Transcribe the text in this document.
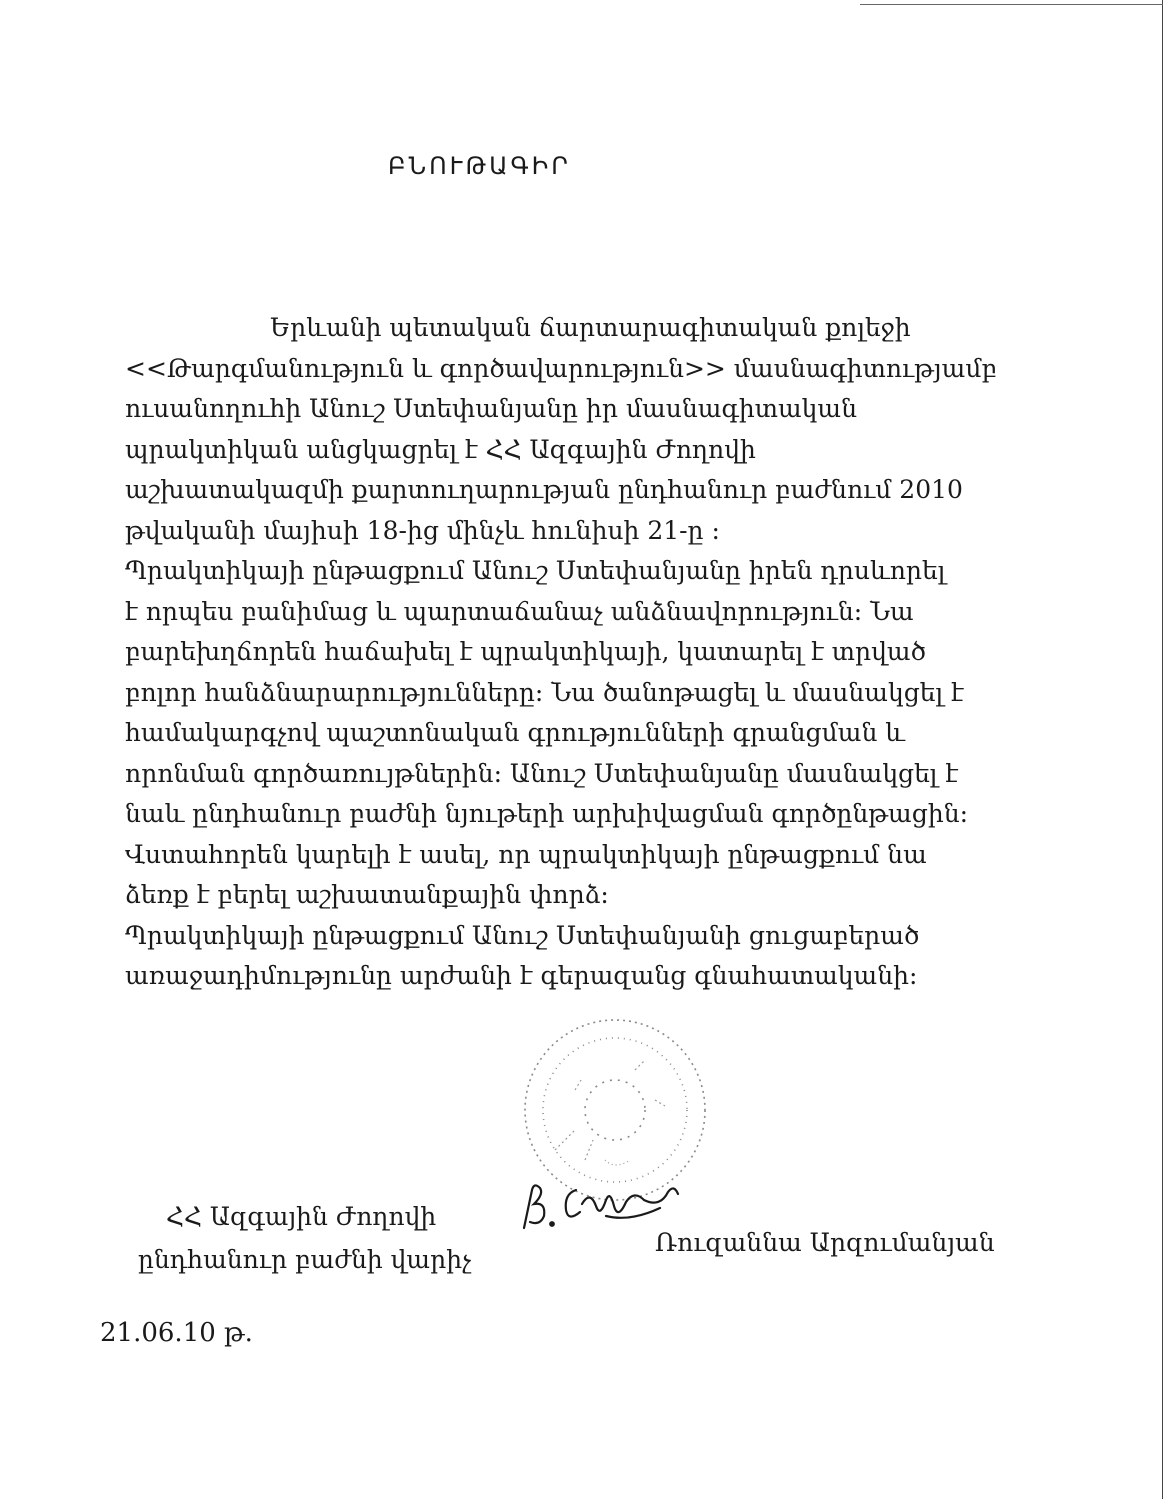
ԲՆՈՒԹԱԳԻՐ
Երևանի պետական ճարտարագիտական քոլեջի
<<Թարգմանություն և գործավարություն>> մասնագիտությամբ
ուսանողուհի Անուշ Ստեփանյանը իր մասնագիտական
պրակտիկան անցկացրել է ՀՀ Ազգային Ժողովի
աշխատակազմի քարտուղարության ընդհանուր բաժնում 2010
թվականի մայիսի 18-ից մինչև հունիսի 21-ը :
Պրակտիկայի ընթացքում Անուշ Ստեփանյանը իրեն դրսևորել
է որպես բանիմաց և պարտաճանաչ անձնավորություն: Նա
բարեխղճորեն հաճախել է պրակտիկայի, կատարել է տրված
բոլոր հանձնարարությունները: Նա ծանոթացել և մասնակցել է
համակարգչով պաշտոնական գրությունների գրանցման և
որոնման գործառույթներին: Անուշ Ստեփանյանը մասնակցել է
նաև ընդհանուր բաժնի նյութերի արխիվացման գործընթացին:
Վստահորեն կարելի է ասել, որ պրակտիկայի ընթացքում նա
ձեռք է բերել աշխատանքային փորձ:
Պրակտիկայի ընթացքում Անուշ Ստեփանյանի ցուցաբերած
առաջադիմությունը արժանի է գերազանց գնահատականի:
ՀՀ Ազգային Ժողովի
ընդհանուր բաժնի վարիչ
Ռուզաննա Արզումանյան
21.06.10 թ.
